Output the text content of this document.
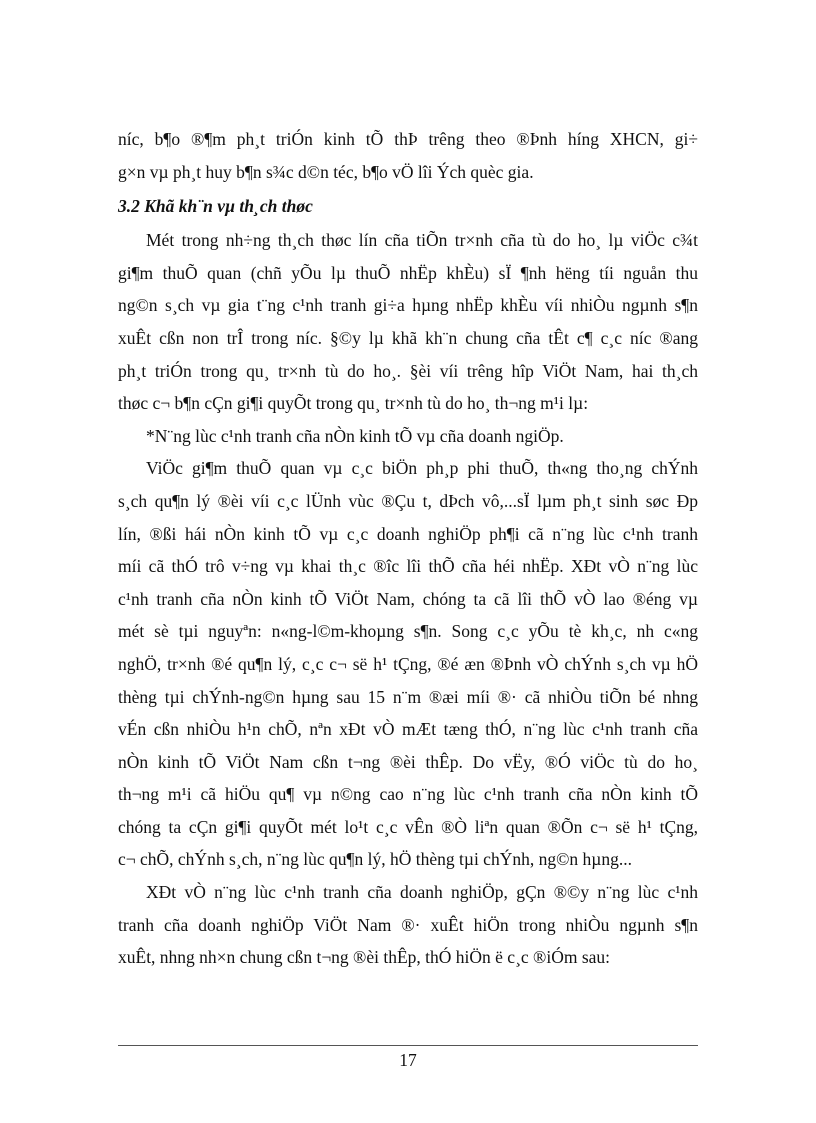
níc, b¶o ®¶m ph¸t triÓn kinh tÕ thÞ trêng theo ®Þnh híng XHCN, gi÷
g×n vµ ph¸t huy b¶n s¾c d©n téc, b¶o vÖ lîi Ých quèc gia.
3.2 Khã kh¨n vµ th¸ch thøc
Mét trong nh÷ng th¸ch thøc lín cña tiÕn tr×nh cña tù do ho¸ lµ viÖc c¾t
gi¶m thuÕ quan (chñ yÕu lµ thuÕ nhËp khÈu) sÏ ¶nh hëng tíi nguån thu
ng©n s¸ch vµ gia t¨ng c¹nh tranh gi÷a hµng nhËp khÈu víi nhiÒu ngµnh s¶n
xuÊt cßn non trÎ trong níc. §©y lµ khã kh¨n chung cña tÊt c¶ c¸c níc ®ang
ph¸t triÓn trong qu¸ tr×nh tù do ho¸. §èi víi trêng hîp ViÖt Nam, hai th¸ch
thøc c¬ b¶n cÇn gi¶i quyÕt trong qu¸ tr×nh tù do ho¸ th¬ng m¹i lµ:
*N¨ng lùc c¹nh tranh cña nÒn kinh tÕ vµ cña doanh ngiÖp.
ViÖc gi¶m thuÕ quan vµ c¸c biÖn ph¸p phi thuÕ, th«ng tho¸ng chÝnh
s¸ch qu¶n lý ®èi víi c¸c lÜnh vùc ®Çu t, dÞch vô,...sÏ lµm ph¸t sinh søc Ðp
lín, ®ßi hái nÒn kinh tÕ vµ c¸c doanh nghiÖp ph¶i cã n¨ng lùc c¹nh tranh
míi cã thÓ trô v÷ng vµ khai th¸c ®îc lîi thÕ cña héi nhËp. XÐt vÒ n¨ng lùc
c¹nh tranh cña nÒn kinh tÕ ViÖt Nam, chóng ta cã lîi thÕ vÒ lao ®éng vµ
mét sè tµi nguyªn: n«ng-l©m-khoµng s¶n. Song c¸c yÕu tè kh¸c, nh c«ng
nghÖ, tr×nh ®é qu¶n lý, c¸c c¬ së h¹ tÇng, ®é æn ®Þnh vÒ chÝnh s¸ch vµ hÖ
thèng tµi chÝnh-ng©n hµng sau 15 n¨m ®æi míi ®· cã nhiÒu tiÕn bé nhng
vÉn cßn nhiÒu h¹n chÕ, nªn xÐt vÒ mÆt tæng thÓ, n¨ng lùc c¹nh tranh cña
nÒn kinh tÕ ViÖt Nam cßn t¬ng ®èi thÊp. Do vËy, ®Ó viÖc tù do ho¸
th¬ng m¹i cã hiÖu qu¶ vµ n©ng cao n¨ng lùc c¹nh tranh cña nÒn kinh tÕ
chóng ta cÇn gi¶i quyÕt mét lo¹t c¸c vÊn ®Ò liªn quan ®Õn c¬ së h¹ tÇng,
c¬ chÕ, chÝnh s¸ch, n¨ng lùc qu¶n lý, hÖ thèng tµi chÝnh, ng©n hµng...
XÐt vÒ n¨ng lùc c¹nh tranh cña doanh nghiÖp, gÇn ®©y n¨ng lùc c¹nh
tranh cña doanh nghiÖp ViÖt Nam ®· xuÊt hiÖn trong nhiÒu ngµnh s¶n
xuÊt, nhng nh×n chung cßn t¬ng ®èi thÊp, thÓ hiÖn ë c¸c ®iÓm sau:
17
